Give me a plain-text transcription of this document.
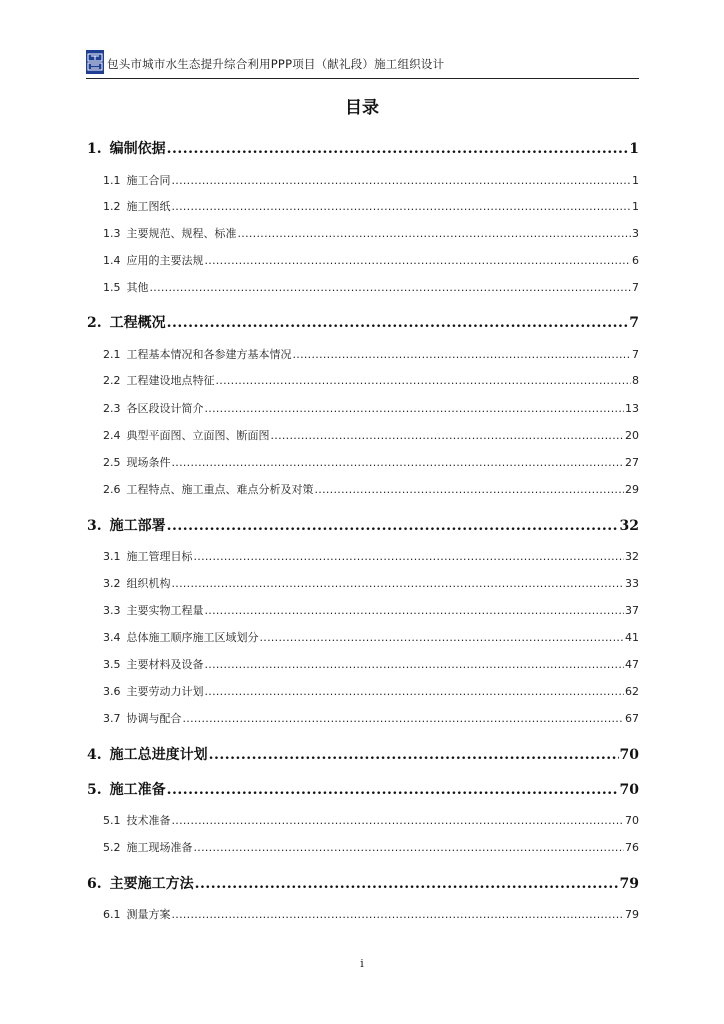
包头市城市水生态提升综合利用PPP项目（献礼段）施工组织设计
目录
1. 编制依据 .....	1
1.1 施工合同 .....	1
1.2 施工图纸 .....	1
1.3 主要规范、规程、标准 .....	3
1.4 应用的主要法规 .....	6
1.5 其他 .....	7
2. 工程概况 .....	7
2.1 工程基本情况和各参建方基本情况 .....	7
2.2 工程建设地点特征 .....	8
2.3 各区段设计简介 .....	13
2.4 典型平面图、立面图、断面图 .....	20
2.5 现场条件 .....	27
2.6 工程特点、施工重点、难点分析及对策 .....	29
3. 施工部署 .....	32
3.1 施工管理目标 .....	32
3.2 组织机构 .....	33
3.3 主要实物工程量 .....	37
3.4 总体施工顺序施工区域划分 .....	41
3.5 主要材料及设备 .....	47
3.6 主要劳动力计划 .....	62
3.7 协调与配合 .....	67
4. 施工总进度计划 .....	70
5. 施工准备 .....	70
5.1 技术准备 .....	70
5.2 施工现场准备 .....	76
6. 主要施工方法 .....	79
6.1 测量方案 .....	79
i
